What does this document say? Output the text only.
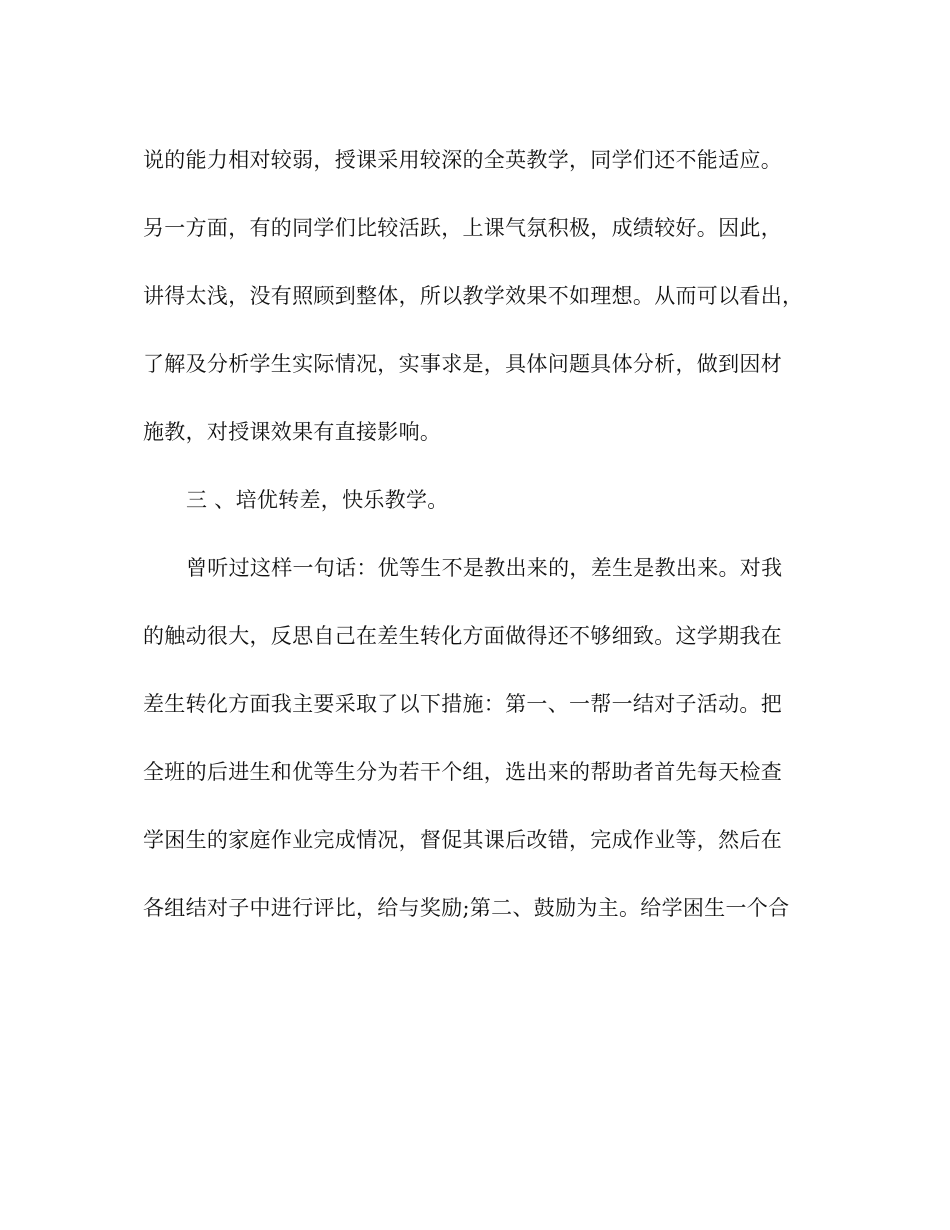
说的能力相对较弱，授课采用较深的全英教学，同学们还不能适应。
另一方面，有的同学们比较活跃，上课气氛积极，成绩较好。因此，
讲得太浅，没有照顾到整体，所以教学效果不如理想。从而可以看出，
了解及分析学生实际情况，实事求是，具体问题具体分析，做到因材
施教，对授课效果有直接影响。
三 、培优转差，快乐教学。
曾听过这样一句话：优等生不是教出来的，差生是教出来。对我
的触动很大，反思自己在差生转化方面做得还不够细致。这学期我在
差生转化方面我主要采取了以下措施：第一、一帮一结对子活动。把
全班的后进生和优等生分为若干个组，选出来的帮助者首先每天检查
学困生的家庭作业完成情况，督促其课后改错，完成作业等，然后在
各组结对子中进行评比，给与奖励;第二、鼓励为主。给学困生一个合
